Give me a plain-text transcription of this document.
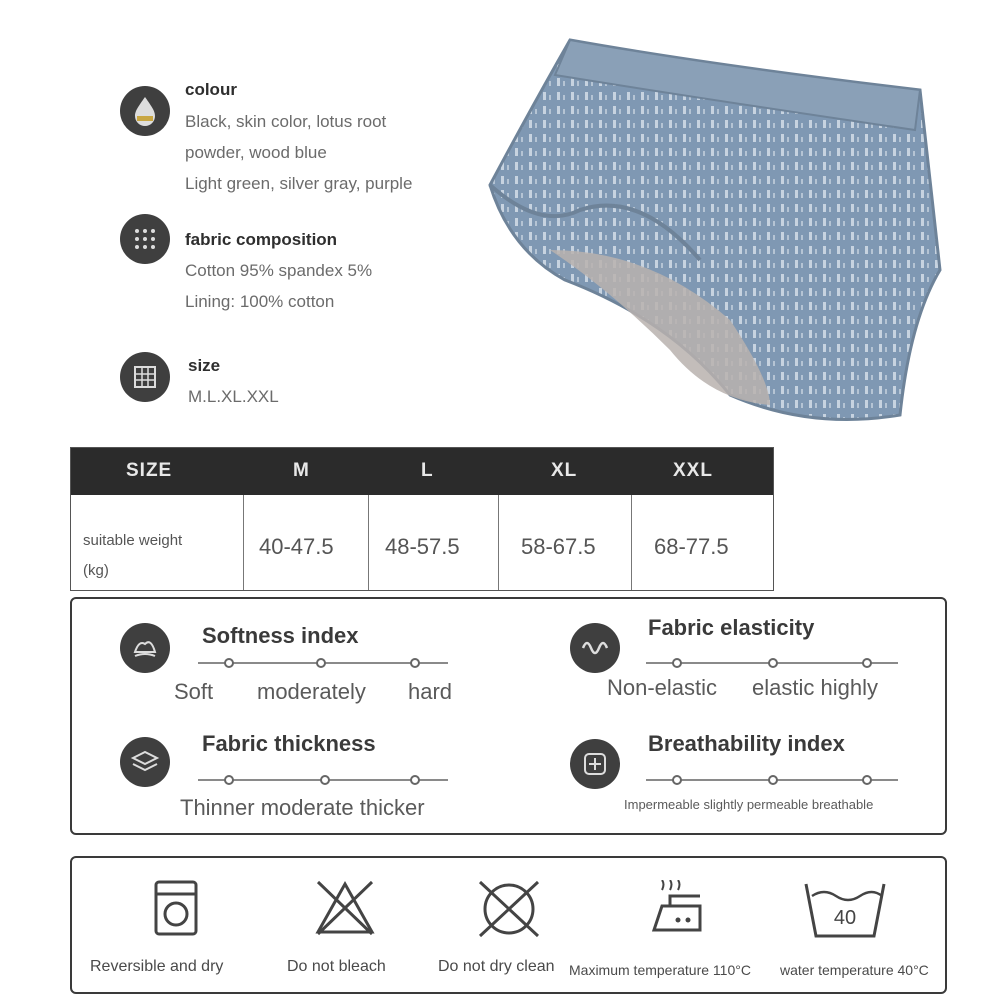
colour
Black, skin color, lotus root
powder, wood blue
Light green, silver gray, purple
fabric composition
Cotton 95% spandex 5%
Lining: 100% cotton
size
M.L.XL.XXL
SIZE	M	L	XL	XXL
suitable weight
(kg)
40-47.5 48-57.5	58-67.5	68-77.5
Softness index
Soft moderately hard
Fabric elasticity
Non-elastic elastic highly
Fabric thickness
Thinner moderate thicker
Breathability index
Impermeable slightly permeable breathable
Reversible and dry	Do not bleach	Do not dry clean Maximum temperature 110°C
40
water temperature 40°C
